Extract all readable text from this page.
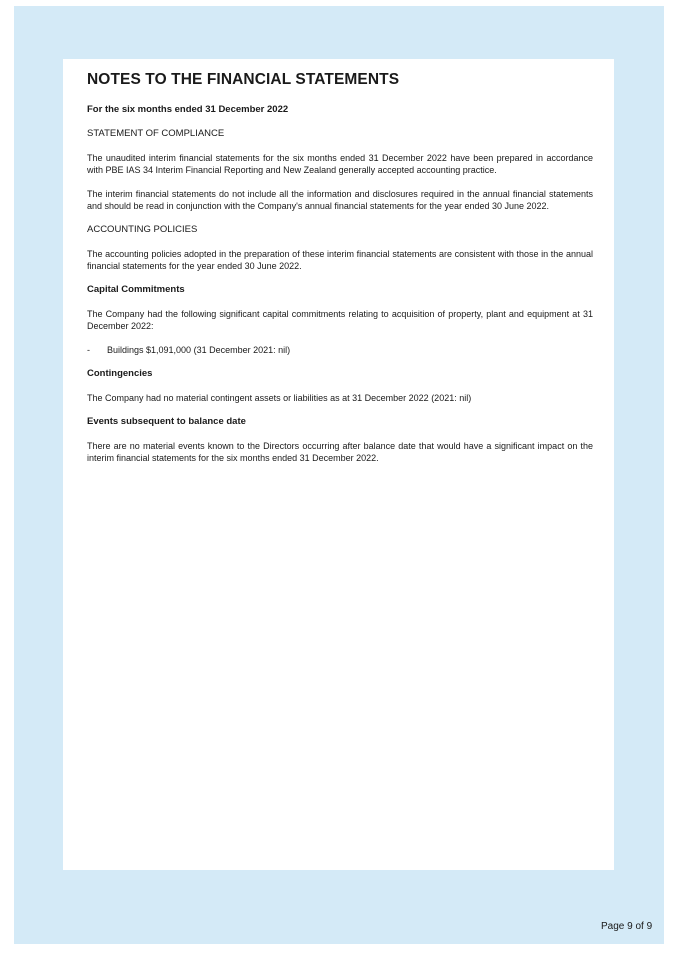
NOTES TO THE FINANCIAL STATEMENTS
For the six months ended 31 December 2022
STATEMENT OF COMPLIANCE

The unaudited interim financial statements for the six months ended 31 December 2022 have been prepared in accordance with PBE IAS 34 Interim Financial Reporting and New Zealand generally accepted accounting practice.

The interim financial statements do not include all the information and disclosures required in the annual financial statements and should be read in conjunction with the Company's annual financial statements for the year ended 30 June 2022.

ACCOUNTING POLICIES

The accounting policies adopted in the preparation of these interim financial statements are consistent with those in the annual financial statements for the year ended 30 June 2022.

Capital Commitments

The Company had the following significant capital commitments relating to acquisition of property, plant and equipment at 31 December 2022:

-	Buildings $1,091,000 (31 December 2021: nil)
Contingencies

The Company had no material contingent assets or liabilities as at 31 December 2022 (2021: nil)

Events subsequent to balance date

There are no material events known to the Directors occurring after balance date that would have a significant impact on the interim financial statements for the six months ended 31 December 2022.

Page 9 of 9
